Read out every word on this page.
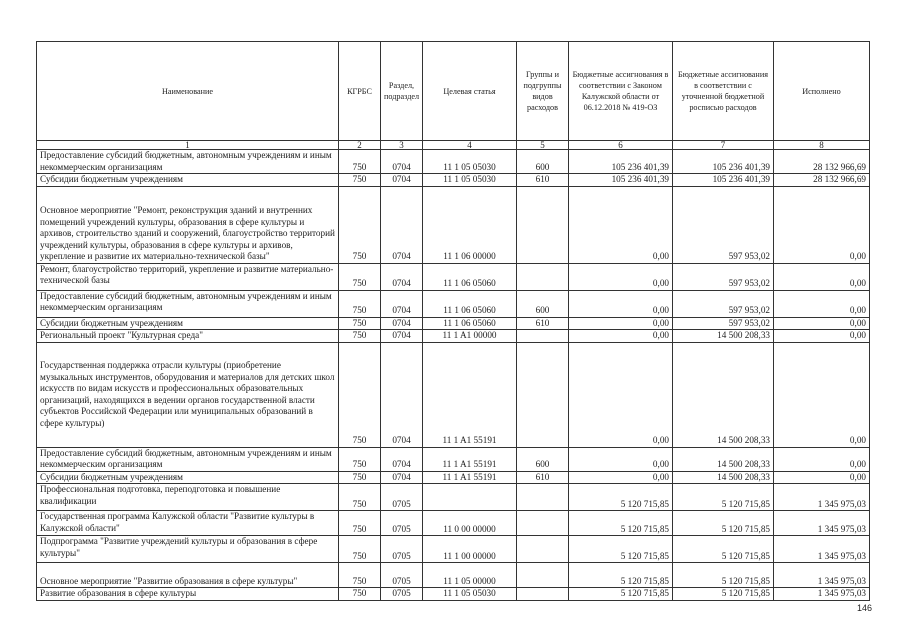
Наименование	КГРБС	Раздел, подраздел	Целевая статья	Группы и подгруппы видов расходов	Бюджетные ассигнования в соответствии с Законом Калужской области от 06.12.2018 № 419-ОЗ	Бюджетные ассигнования в соответствии с уточненной бюджетной росписью расходов	Исполнено
1	2	3	4	5	6	7	8
Предоставление субсидий бюджетным, автономным учреждениям и иным некоммерческим организациям	750	0704	11 1 05 05030	600	105 236 401,39	105 236 401,39	28 132 966,69
Субсидии бюджетным учреждениям	750	0704	11 1 05 05030	610	105 236 401,39	105 236 401,39	28 132 966,69
Основное мероприятие "Ремонт, реконструкция зданий и внутренних помещений учреждений культуры, образования в сфере культуры и архивов, строительство зданий и сооружений, благоустройство территорий учреждений культуры, образования в сфере культуры и архивов, укрепление и развитие их материально-технической базы"	750	0704	11 1 06 00000		0,00	597 953,02	0,00
Ремонт, благоустройство территорий, укрепление и развитие материально-технической базы	750	0704	11 1 06 05060		0,00	597 953,02	0,00
Предоставление субсидий бюджетным, автономным учреждениям и иным некоммерческим организациям	750	0704	11 1 06 05060	600	0,00	597 953,02	0,00
Субсидии бюджетным учреждениям	750	0704	11 1 06 05060	610	0,00	597 953,02	0,00
Региональный проект "Культурная среда"	750	0704	11 1 A1 00000		0,00	14 500 208,33	0,00
Государственная поддержка отрасли культуры (приобретение музыкальных инструментов, оборудования и материалов для детских школ искусств по видам искусств и профессиональных образовательных организаций, находящихся в ведении органов государственной власти субъектов Российской Федерации или муниципальных образований в сфере культуры)	750	0704	11 1 A1 55191		0,00	14 500 208,33	0,00
Предоставление субсидий бюджетным, автономным учреждениям и иным некоммерческим организациям	750	0704	11 1 A1 55191	600	0,00	14 500 208,33	0,00
Субсидии бюджетным учреждениям	750	0704	11 1 A1 55191	610	0,00	14 500 208,33	0,00
Профессиональная подготовка, переподготовка и повышение квалификации	750	0705			5 120 715,85	5 120 715,85	1 345 975,03
Государственная программа Калужской области "Развитие культуры в Калужской области"	750	0705	11 0 00 00000		5 120 715,85	5 120 715,85	1 345 975,03
Подпрограмма "Развитие учреждений культуры и образования в сфере культуры"	750	0705	11 1 00 00000		5 120 715,85	5 120 715,85	1 345 975,03
Основное мероприятие "Развитие образования в сфере культуры"	750	0705	11 1 05 00000		5 120 715,85	5 120 715,85	1 345 975,03
Развитие образования в сфере культуры	750	0705	11 1 05 05030		5 120 715,85	5 120 715,85	1 345 975,03
146
